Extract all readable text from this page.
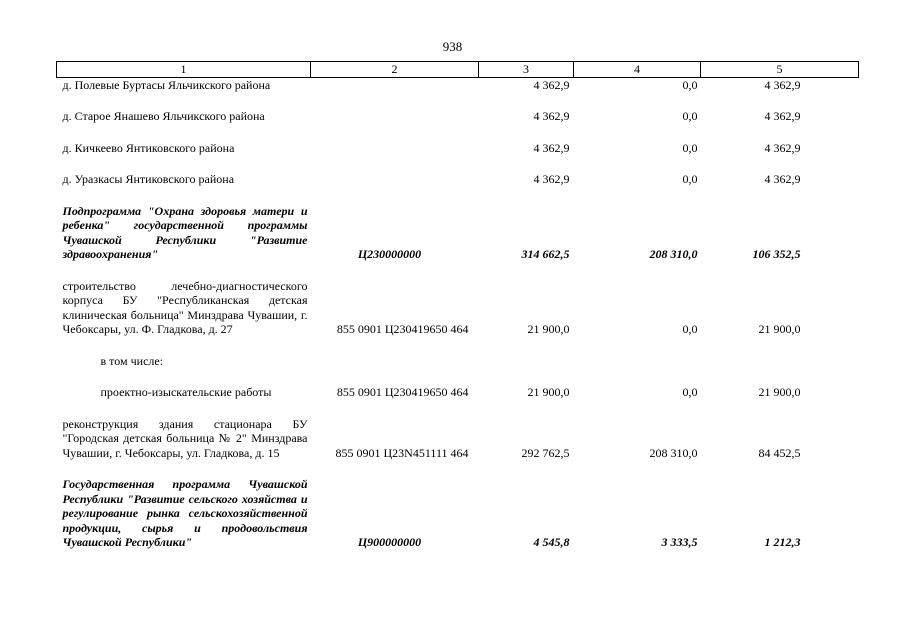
938
1	2	3	4	5
д. Полевые Буртасы Яльчикского района		4 362,9	0,0	4 362,9

д. Старое Янашево Яльчикского района		4 362,9	0,0	4 362,9

д. Кичкеево Янтиковского района		4 362,9	0,0	4 362,9

д. Уразкасы Янтиковского района		4 362,9	0,0	4 362,9

Подпрограмма "Охрана здоровья матери и ребенка" государственной программы Чувашской Республики "Развитие здравоохранения"	Ц230000000	314 662,5	208 310,0	106 352,5

строительство лечебно-диагностического корпуса БУ "Республиканская детская клиническая больница" Минздрава Чувашии, г. Чебоксары, ул. Ф. Гладкова, д. 27	855 0901 Ц230419650 464	21 900,0	0,0	21 900,0

в том числе:				

проектно-изыскательские работы	855 0901 Ц230419650 464	21 900,0	0,0	21 900,0

реконструкция здания стационара БУ "Городская детская больница № 2" Минздрава Чувашии, г. Чебоксары, ул. Гладкова, д. 15	855 0901 Ц23N451111 464	292 762,5	208 310,0	84 452,5

Государственная программа Чувашской Республики "Развитие сельского хозяйства и регулирование рынка сельскохозяйственной продукции, сырья и продовольствия Чувашской Республики"	Ц900000000	4 545,8	3 333,5	1 212,3
